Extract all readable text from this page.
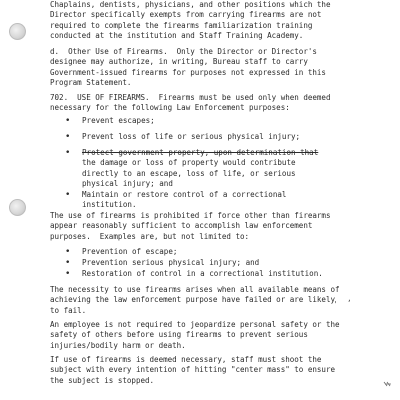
Chaplains, dentists, physicians, and other positions which the
Director specifically exempts from carrying firearms are not
required to complete the firearms familiarization training
conducted at the institution and Staff Training Academy.
d.  Other Use of Firearms.  Only the Director or Director's
designee may authorize, in writing, Bureau staff to carry
Government-issued firearms for purposes not expressed in this
Program Statement.
702.  USE OF FIREARMS.  Firearms must be used only when deemed
necessary for the following Law Enforcement purposes:
• Prevent escapes;
• Prevent loss of life or serious physical injury;
• Protect government property, upon determination that
the damage or loss of property would contribute
directly to an escape, loss of life, or serious
physical injury; and
• Maintain or restore control of a correctional
institution.
The use of firearms is prohibited if force other than firearms
appear reasonably sufficient to accomplish law enforcement
purposes.  Examples are, but not limited to:
• Prevention of escape;
• Prevention serious physical injury; and
• Restoration of control in a correctional institution.
The necessity to use firearms arises when all available means of
achieving the law enforcement purpose have failed or are likely
to fail.
,
'
An employee is not required to jeopardize personal safety or the
safety of others before using firearms to prevent serious
injuries/bodily harm or death.
If use of firearms is deemed necessary, staff must shoot the
subject with every intention of hitting "center mass" to ensure
the subject is stopped.
